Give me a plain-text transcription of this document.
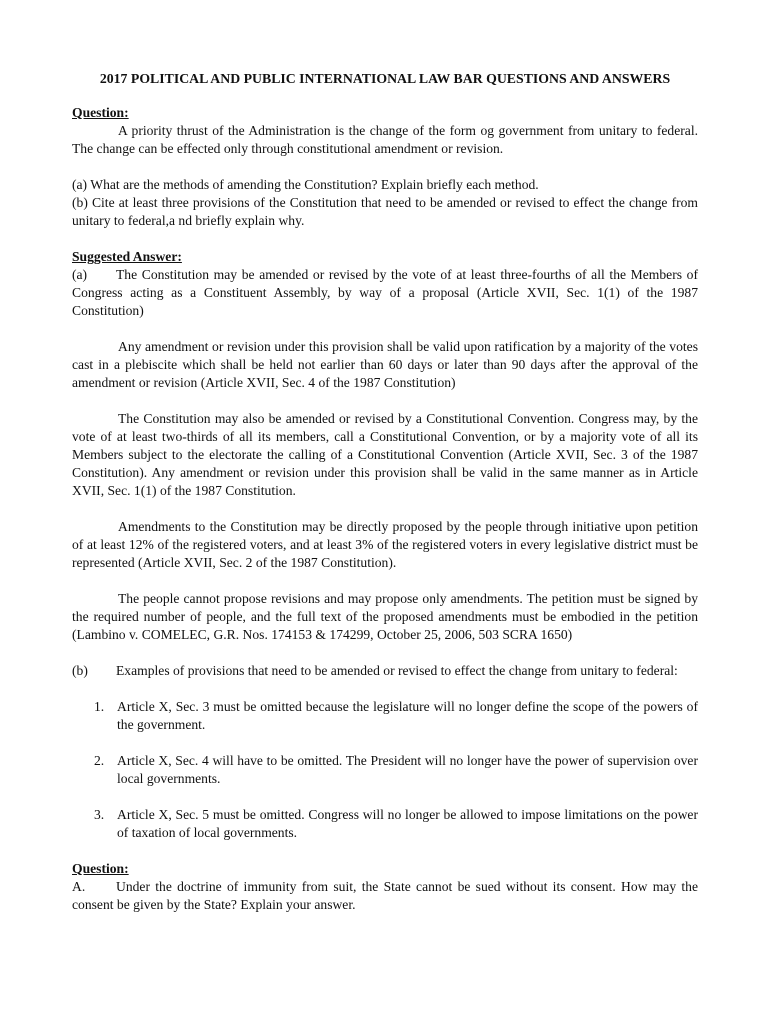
2017 POLITICAL AND PUBLIC INTERNATIONAL LAW BAR QUESTIONS AND ANSWERS
Question:

A priority thrust of the Administration is the change of the form og government from unitary to federal. The change can be effected only through constitutional amendment or revision.

(a) What are the methods of amending the Constitution? Explain briefly each method.

(b) Cite at least three provisions of the Constitution that need to be amended or revised to effect the change from unitary to federal,a nd briefly explain why.

Suggested Answer:

(a) The Constitution may be amended or revised by the vote of at least three-fourths of all the Members of Congress acting as a Constituent Assembly, by way of a proposal (Article XVII, Sec. 1(1) of the 1987 Constitution)

Any amendment or revision under this provision shall be valid upon ratification by a majority of the votes cast in a plebiscite which shall be held not earlier than 60 days or later than 90 days after the approval of the amendment or revision (Article XVII, Sec. 4 of the 1987 Constitution)

The Constitution may also be amended or revised by a Constitutional Convention. Congress may, by the vote of at least two-thirds of all its members, call a Constitutional Convention, or by a majority vote of all its Members subject to the electorate the calling of a Constitutional Convention (Article XVII, Sec. 3 of the 1987 Constitution). Any amendment or revision under this provision shall be valid in the same manner as in Article XVII, Sec. 1(1) of the 1987 Constitution.

Amendments to the Constitution may be directly proposed by the people through initiative upon petition of at least 12% of the registered voters, and at least 3% of the registered voters in every legislative district must be represented (Article XVII, Sec. 2 of the 1987 Constitution).

The people cannot propose revisions and may propose only amendments. The petition must be signed by the required number of people, and the full text of the proposed amendments must be embodied in the petition (Lambino v. COMELEC, G.R. Nos. 174153 & 174299, October 25, 2006, 503 SCRA 1650)

(b) Examples of provisions that need to be amended or revised to effect the change from unitary to federal:

1. Article X, Sec. 3 must be omitted because the legislature will no longer define the scope of the powers of the government.
2. Article X, Sec. 4 will have to be omitted. The President will no longer have the power of supervision over local governments.
3. Article X, Sec. 5 must be omitted. Congress will no longer be allowed to impose limitations on the power of taxation of local governments.
Question:

A. Under the doctrine of immunity from suit, the State cannot be sued without its consent. How may the consent be given by the State? Explain your answer.
